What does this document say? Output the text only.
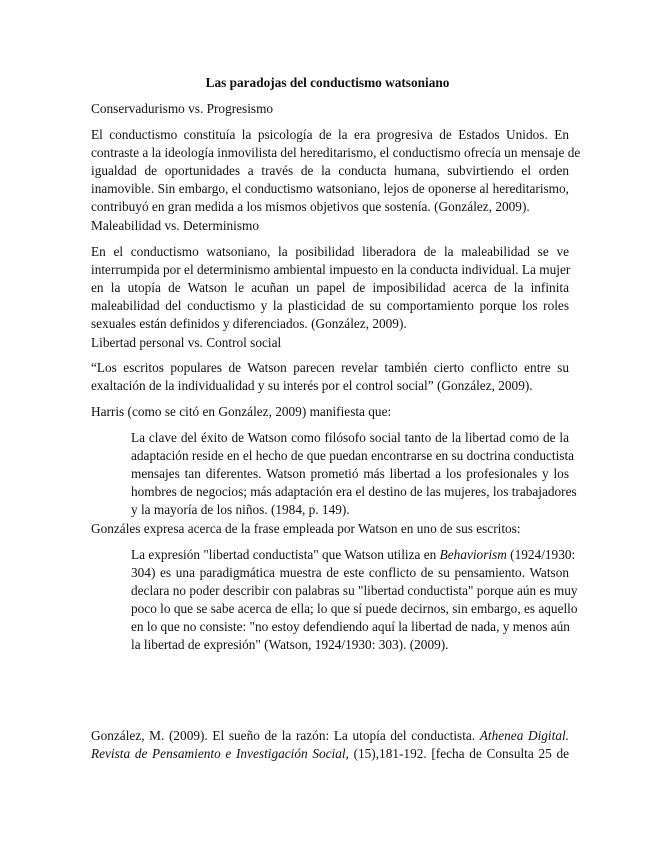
Las paradojas del conductismo watsoniano

Conservadurismo vs. Progresismo

El conductismo constituía la psicología de la era progresiva de Estados Unidos. En
contraste a la ideología inmovilista del hereditarismo, el conductismo ofrecía un mensaje de
igualdad de oportunidades a través de la conducta humana, subvirtiendo el orden
inamovible. Sin embargo, el conductismo watsoniano, lejos de oponerse al hereditarismo,
contribuyó en gran medida a los mismos objetivos que sostenía. (González, 2009).

Maleabilidad vs. Determinismo

En el conductismo watsoniano, la posibilidad liberadora de la maleabilidad se ve
interrumpida por el determinismo ambiental impuesto en la conducta individual. La mujer
en la utopía de Watson le acuñan un papel de imposibilidad acerca de la infinita
maleabilidad del conductismo y la plasticidad de su comportamiento porque los roles
sexuales están definidos y diferenciados. (González, 2009).

Libertad personal vs. Control social

“Los escritos populares de Watson parecen revelar también cierto conflicto entre su
exaltación de la individualidad y su interés por el control social” (González, 2009).

Harris (como se citó en González, 2009) manifiesta que:

La clave del éxito de Watson como filósofo social tanto de la libertad como de la
adaptación reside en el hecho de que puedan encontrarse en su doctrina conductista
mensajes tan diferentes. Watson prometió más libertad a los profesionales y los
hombres de negocios; más adaptación era el destino de las mujeres, los trabajadores
y la mayoría de los niños. (1984, p. 149).

Gonzáles expresa acerca de la frase empleada por Watson en uno de sus escritos:

La expresión "libertad conductista" que Watson utiliza en Behaviorism (1924/1930:
304) es una paradigmática muestra de este conflicto de su pensamiento. Watson
declara no poder describir con palabras su "libertad conductista" porque aún es muy
poco lo que se sabe acerca de ella; lo que sí puede decirnos, sin embargo, es aquello
en lo que no consiste: "no estoy defendiendo aquí la libertad de nada, y menos aún
la libertad de expresión" (Watson, 1924/1930: 303). (2009).

González, M. (2009). El sueño de la razón: La utopía del conductista. Athenea Digital.
Revista de Pensamiento e Investigación Social, (15),181-192. [fecha de Consulta 25 de
